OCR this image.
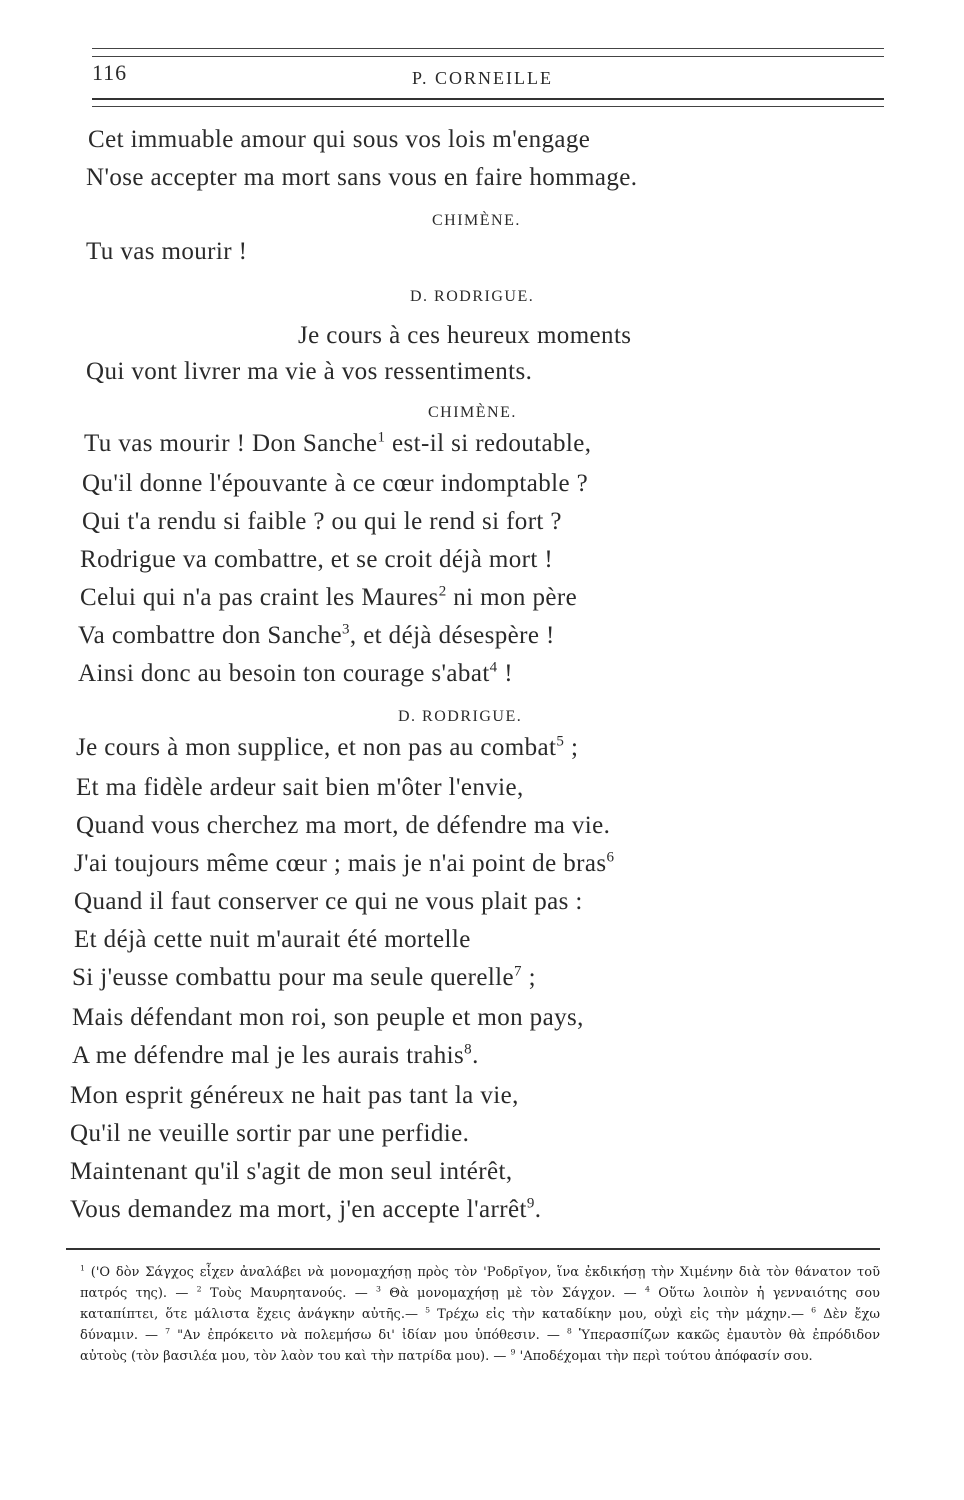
116	P. CORNEILLE
Cet immuable amour qui sous vos lois m'engage
N'ose accepter ma mort sans vous en faire hommage.
CHIMÈNE.
Tu vas mourir !
D. RODRIGUE.
Je cours à ces heureux moments
Qui vont livrer ma vie à vos ressentiments.
CHIMÈNE.
Tu vas mourir ! Don Sanche$^1$ est-il si redoutable,
Qu'il donne l'épouvante à ce cœur indomptable ?
Qui t'a rendu si faible ? ou qui le rend si fort ?
Rodrigue va combattre, et se croit déjà mort !
Celui qui n'a pas craint les Maures$^2$ ni mon père
Va combattre don Sanche$^3$, et déjà désespère !
Ainsi donc au besoin ton courage s'abat$^4$ !
D. RODRIGUE.
Je cours à mon supplice, et non pas au combat$^5$ ;
Et ma fidèle ardeur sait bien m'ôter l'envie,
Quand vous cherchez ma mort, de défendre ma vie.
J'ai toujours même cœur ; mais je n'ai point de bras$^6$
Quand il faut conserver ce qui ne vous plait pas :
Et déjà cette nuit m'aurait été mortelle
Si j'eusse combattu pour ma seule querelle$^7$ ;
Mais défendant mon roi, son peuple et mon pays,
A me défendre mal je les aurais trahis$^8$.
Mon esprit généreux ne hait pas tant la vie,
Qu'il ne veuille sortir par une perfidie.
Maintenant qu'il s'agit de mon seul intérêt,
Vous demandez ma mort, j'en accepte l'arrêt$^9$.
$^1$ ('Ο δὸν Σάγχος εἶχεν ἀναλάβει νὰ μονομαχήσῃ πρὸς τὸν 'Ροδρῖγον, ἵνα ἐκδικήσῃ τὴν Χιμένην διὰ τὸν θάνατον τοῦ πατρός της). — $^2$ Τοὺς Μαυρητανούς. — $^3$ Θὰ μονομαχήσῃ μὲ τὸν Σάγχον. — $^4$ Οὕτω λοιπὸν ἡ γενναιότης σου καταπίπτει, ὅτε μάλιστα ἔχεις ἀνάγκην αὐτῆς.— $^5$ Τρέχω εἰς τὴν καταδίκην μου, οὐχὶ εἰς τὴν μάχην.— $^6$ Δὲν ἔχω δύναμιν. — $^7$ "Αν ἐπρόκειτο νὰ πολεμήσω δι' ἰδίαν μου ὑπόθεσιν. — $^8$ Ὑπερασπίζων κακῶς ἐμαυτὸν θὰ ἐπρόδιδον αὐτοὺς (τὸν βασιλέα μου, τὸν λαὸν του καὶ τὴν πατρίδα μου). — $^9$ 'Αποδέχομαι τὴν περὶ τούτου ἀπόφασίν σου.
